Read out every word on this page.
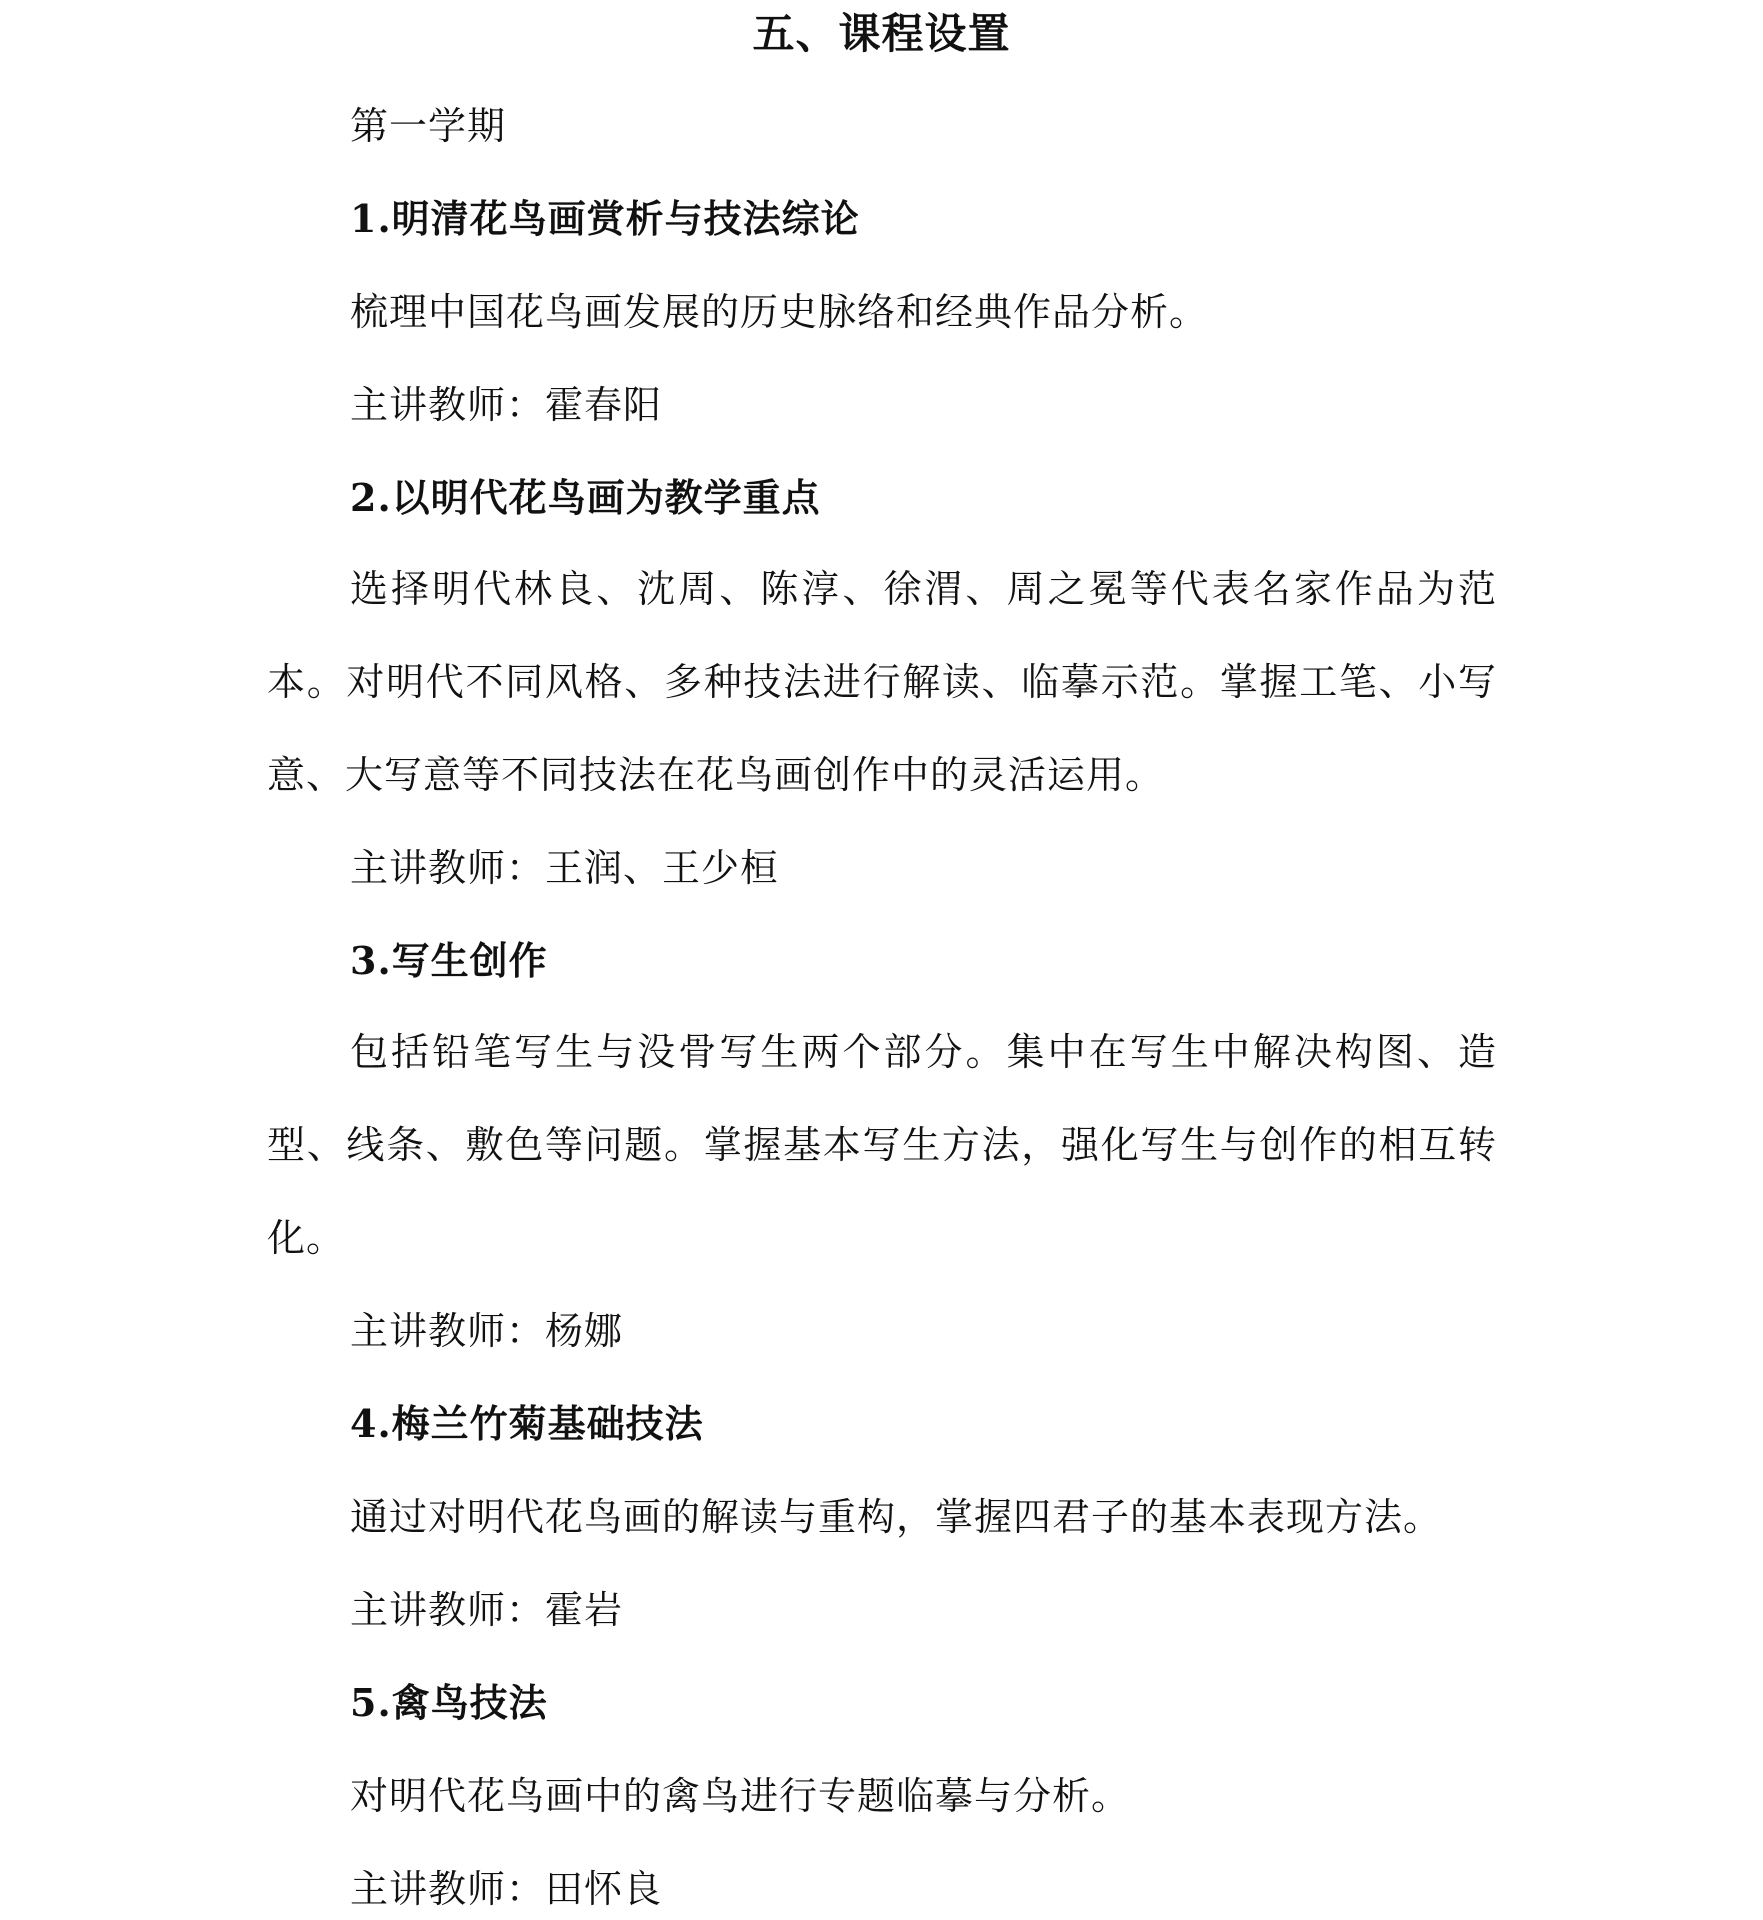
五、课程设置
第一学期
1.明清花鸟画赏析与技法综论
梳理中国花鸟画发展的历史脉络和经典作品分析。
主讲教师：霍春阳
2.以明代花鸟画为教学重点

选择明代林良、沈周、陈淳、徐渭、周之冕等代表名家作品为范本。对明代不同风格、多种技法进行解读、临摹示范。掌握工笔、小写意、大写意等不同技法在花鸟画创作中的灵活运用。

主讲教师：王润、王少桓
3.写生创作

包括铅笔写生与没骨写生两个部分。集中在写生中解决构图、造型、线条、敷色等问题。掌握基本写生方法，强化写生与创作的相互转化。

主讲教师：杨娜
4.梅兰竹菊基础技法
通过对明代花鸟画的解读与重构，掌握四君子的基本表现方法。
主讲教师：霍岩
5.禽鸟技法
对明代花鸟画中的禽鸟进行专题临摹与分析。
主讲教师：田怀良
